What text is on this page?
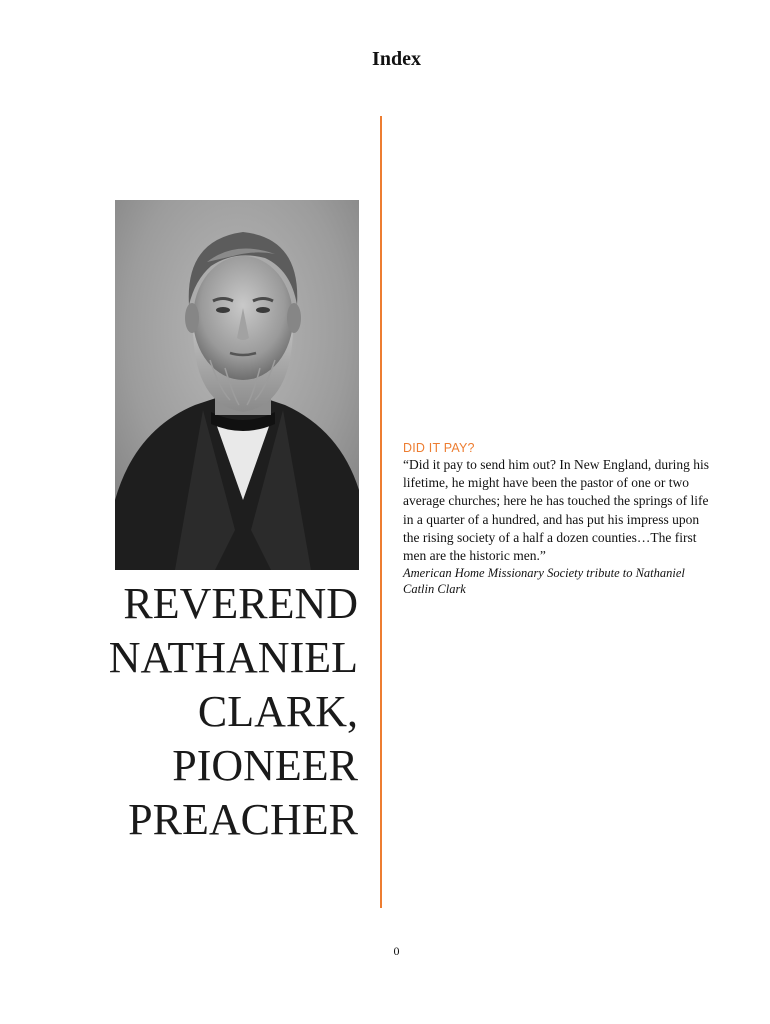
Index
REVEREND
NATHANIEL
CLARK,
PIONEER
PREACHER
DID IT PAY?
“Did it pay to send him out? In New England, during his lifetime, he might have been the pastor of one or two average churches; here he has touched the springs of life in a quarter of a hundred, and has put his impress upon the rising society of a half a dozen counties…The first men are the historic men.”
American Home Missionary Society tribute to Nathaniel Catlin Clark
0
